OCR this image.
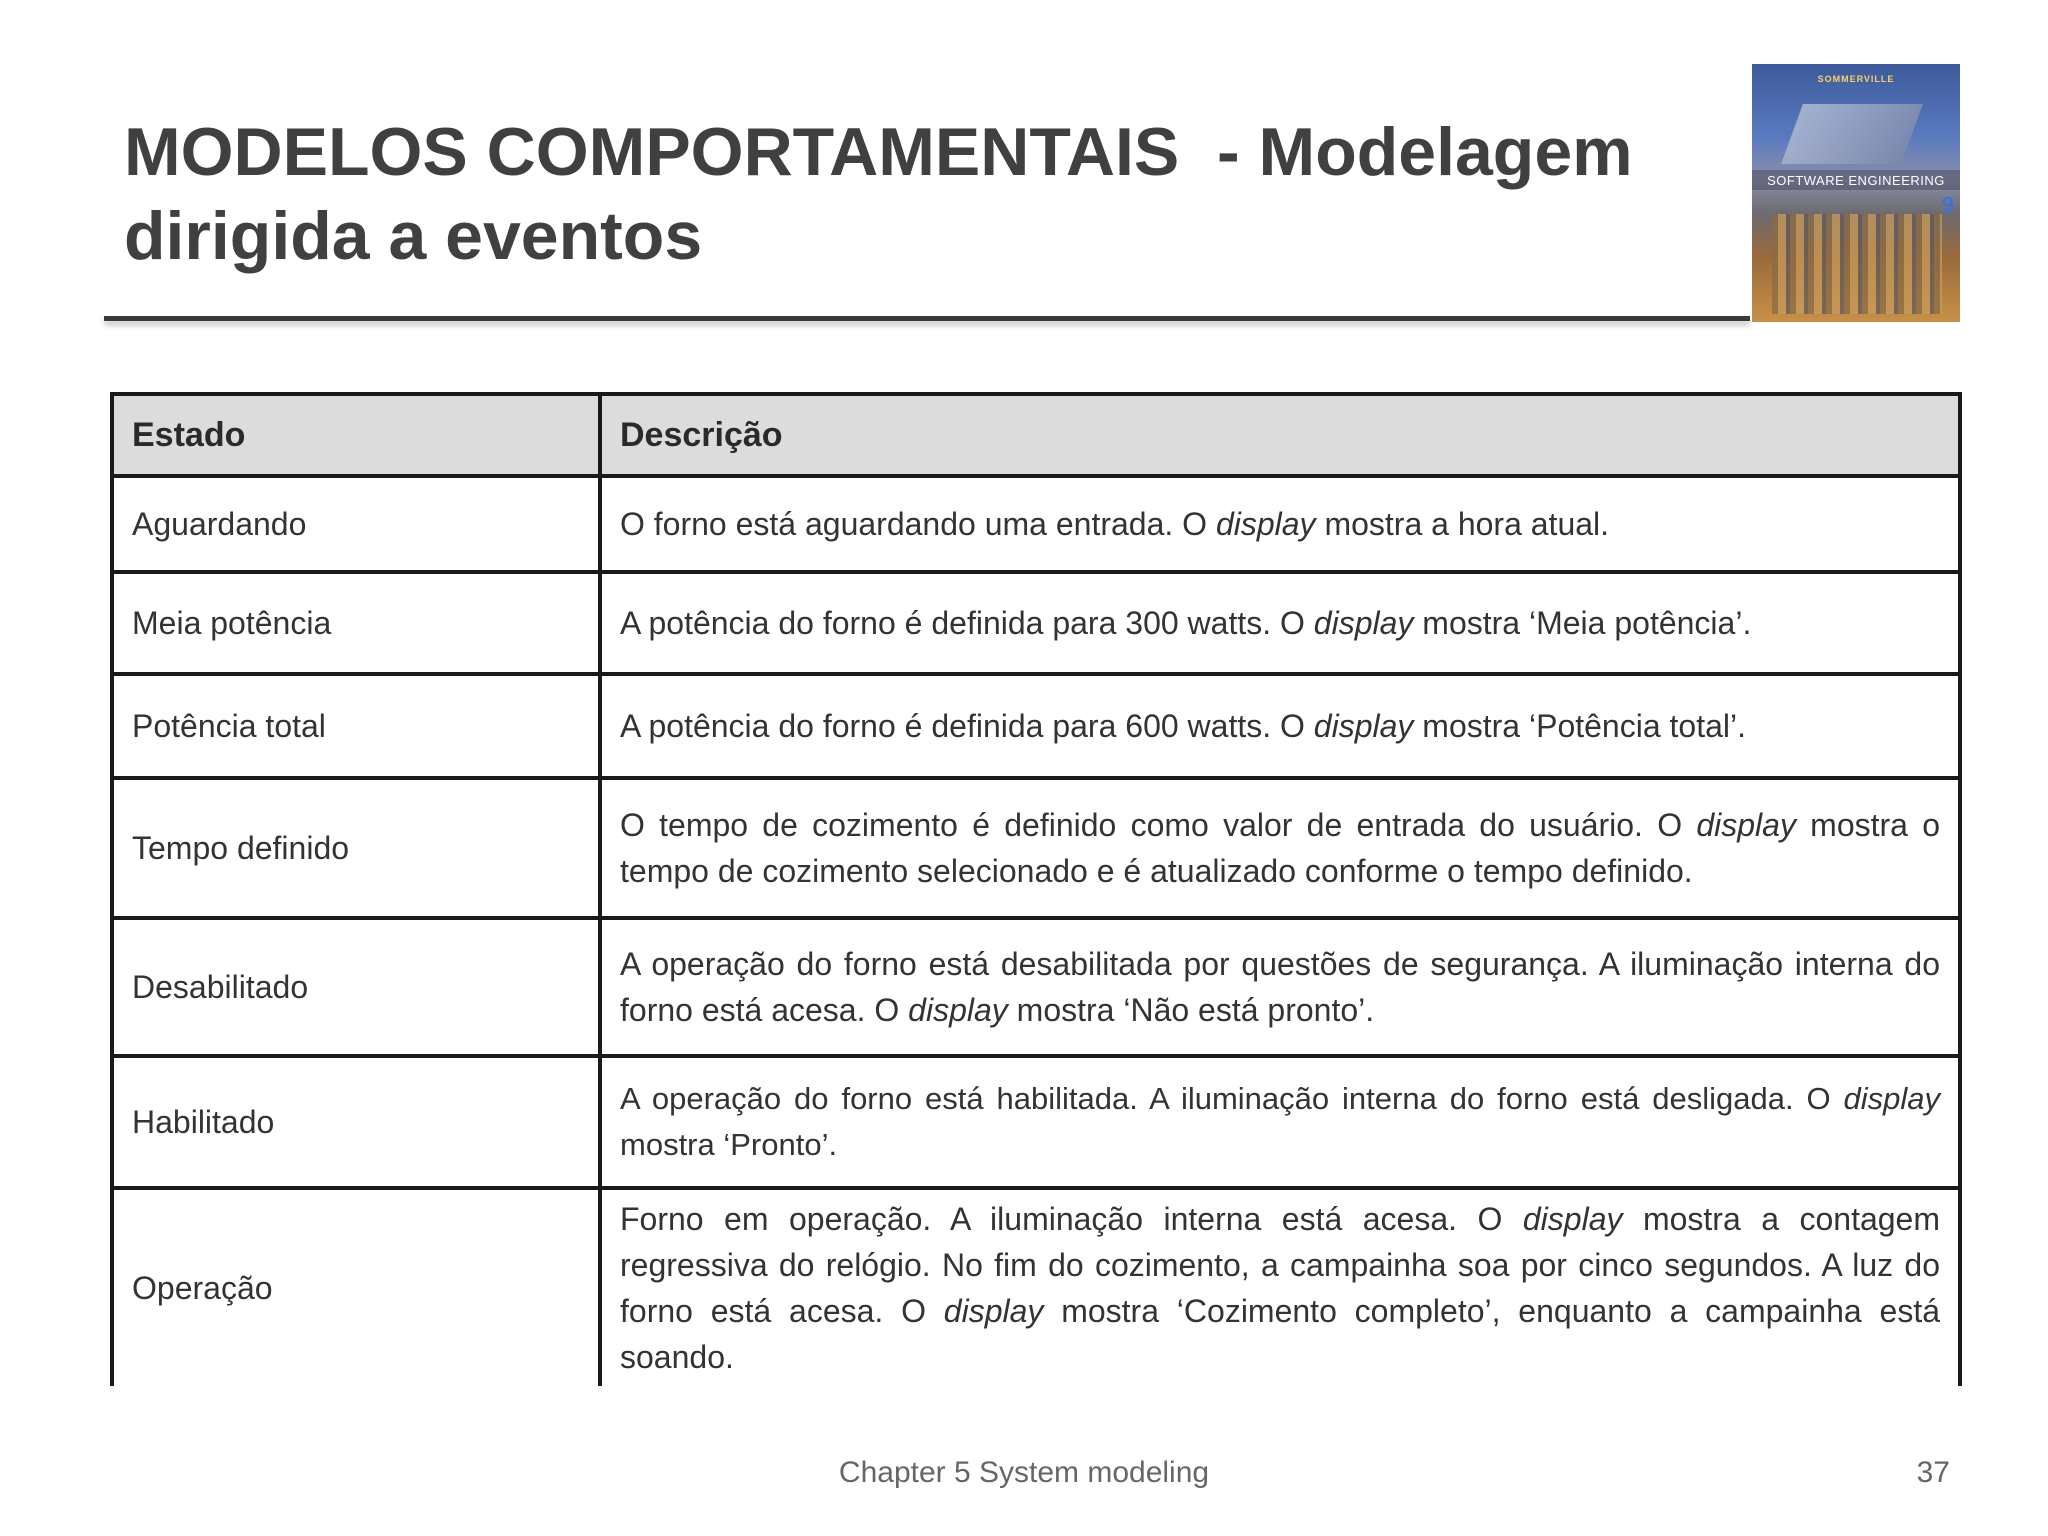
MODELOS COMPORTAMENTAIS  - Modelagem
dirigida a eventos
SOMMERVILLE
SOFTWARE ENGINEERING
9
Estado	Descrição
Aguardando	O forno está aguardando uma entrada. O display mostra a hora atual.
Meia potência	A potência do forno é definida para 300 watts. O display mostra ‘Meia potência’.
Potência total	A potência do forno é definida para 600 watts. O display mostra ‘Potência total’.
Tempo definido	O tempo de cozimento é definido como valor de entrada do usuário. O display mostra o tempo de cozimento selecionado e é atualizado conforme o tempo definido.
Desabilitado	A operação do forno está desabilitada por questões de segurança. A iluminação interna do forno está acesa. O display mostra ‘Não está pronto’.
Habilitado	A operação do forno está habilitada. A iluminação interna do forno está desligada. O display mostra ‘Pronto’.
Operação	Forno em operação. A iluminação interna está acesa. O display mostra a contagem regressiva do relógio. No fim do cozimento, a campainha soa por cinco segundos. A luz do forno está acesa. O display mostra ‘Cozimento completo’, enquanto a campainha está soando.
Chapter 5 System modeling	37
